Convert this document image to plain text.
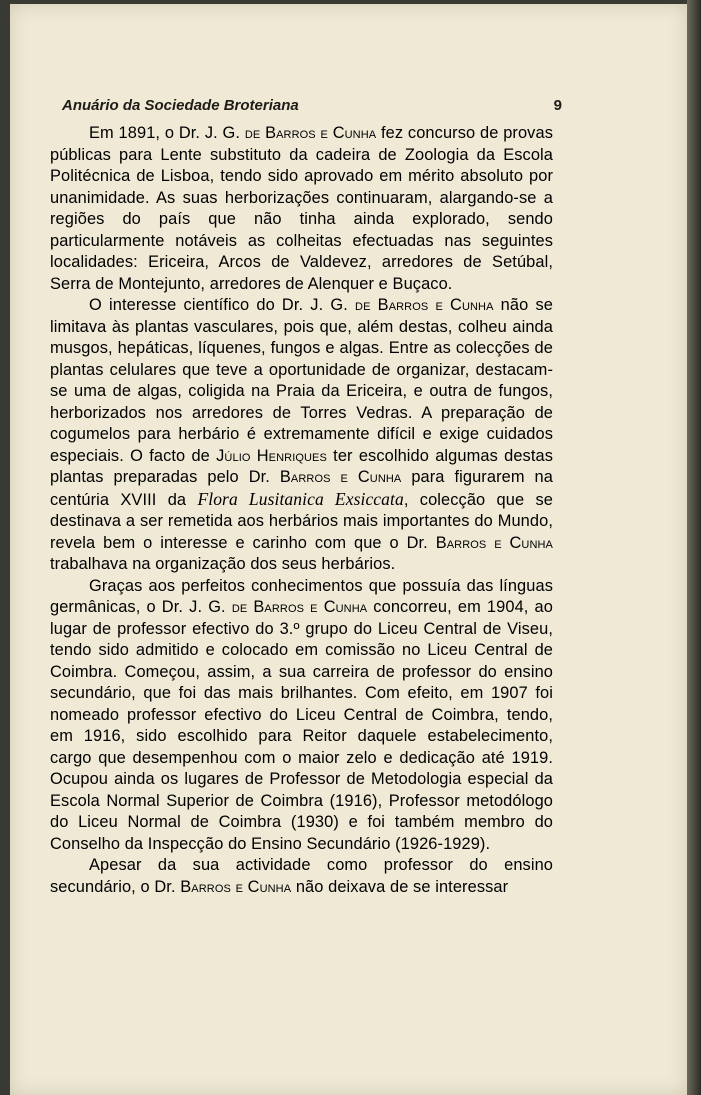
Anuário da Sociedade Broteriana	9

Em 1891, o Dr. J. G. de Barros e Cunha fez concurso de provas públicas para Lente substituto da cadeira de Zoologia da Escola Politécnica de Lisboa, tendo sido aprovado em mérito absoluto por unanimidade. As suas herborizações continuaram, alargando-se a regiões do país que não tinha ainda explorado, sendo particularmente notáveis as colheitas efectuadas nas seguintes localidades: Ericeira, Arcos de Valdevez, arredores de Setúbal, Serra de Montejunto, arredores de Alenquer e Buçaco.

O interesse científico do Dr. J. G. de Barros e Cunha não se limitava às plantas vasculares, pois que, além destas, colheu ainda musgos, hepáticas, líquenes, fungos e algas. Entre as colecções de plantas celulares que teve a oportunidade de organizar, destacam-se uma de algas, coligida na Praia da Ericeira, e outra de fungos, herborizados nos arredores de Torres Vedras. A preparação de cogumelos para herbário é extremamente difícil e exige cuidados especiais. O facto de Júlio Henriques ter escolhido algumas destas plantas preparadas pelo Dr. Barros e Cunha para figurarem na centúria XVIII da Flora Lusitanica Exsiccata, colecção que se destinava a ser remetida aos herbários mais importantes do Mundo, revela bem o interesse e carinho com que o Dr. Barros e Cunha trabalhava na organização dos seus herbários.

Graças aos perfeitos conhecimentos que possuía das línguas germânicas, o Dr. J. G. de Barros e Cunha concorreu, em 1904, ao lugar de professor efectivo do 3.º grupo do Liceu Central de Viseu, tendo sido admitido e colocado em comissão no Liceu Central de Coimbra. Começou, assim, a sua carreira de professor do ensino secundário, que foi das mais brilhantes. Com efeito, em 1907 foi nomeado professor efectivo do Liceu Central de Coimbra, tendo, em 1916, sido escolhido para Reitor daquele estabelecimento, cargo que desempenhou com o maior zelo e dedicação até 1919. Ocupou ainda os lugares de Professor de Metodologia especial da Escola Normal Superior de Coimbra (1916), Professor metodólogo do Liceu Normal de Coimbra (1930) e foi também membro do Conselho da Inspecção do Ensino Secundário (1926-1929).

Apesar da sua actividade como professor do ensino secundário, o Dr. Barros e Cunha não deixava de se interessar
